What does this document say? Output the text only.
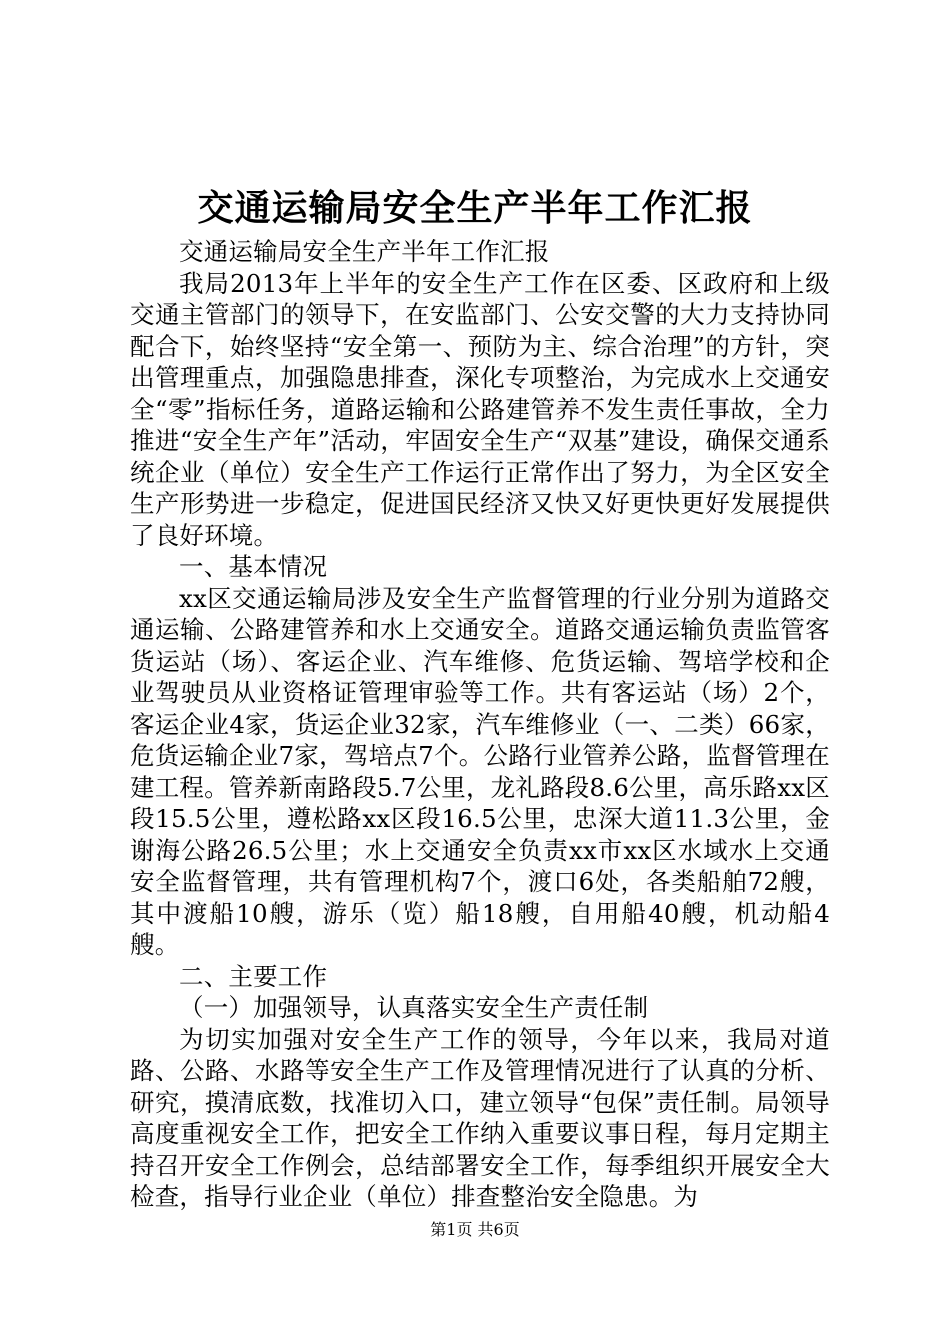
交通运输局安全生产半年工作汇报

交通运输局安全生产半年工作汇报

我局2013年上半年的安全生产工作在区委、区政府和上级交通主管部门的领导下，在安监部门、公安交警的大力支持协同配合下，始终坚持“安全第一、预防为主、综合治理”的方针，突出管理重点，加强隐患排查，深化专项整治，为完成水上交通安全“零”指标任务，道路运输和公路建管养不发生责任事故，全力推进“安全生产年”活动，牢固安全生产“双基”建设，确保交通系统企业（单位）安全生产工作运行正常作出了努力，为全区安全生产形势进一步稳定，促进国民经济又快又好更快更好发展提供了良好环境。

一、基本情况

xx区交通运输局涉及安全生产监督管理的行业分别为道路交通运输、公路建管养和水上交通安全。道路交通运输负责监管客货运站（场）、客运企业、汽车维修、危货运输、驾培学校和企业驾驶员从业资格证管理审验等工作。共有客运站（场）2个，客运企业4家，货运企业32家，汽车维修业（一、二类）66家，危货运输企业7家，驾培点7个。公路行业管养公路，监督管理在建工程。管养新南路段5.7公里，龙礼路段8.6公里，高乐路xx区段15.5公里，遵松路xx区段16.5公里，忠深大道11.3公里，金谢海公路26.5公里；水上交通安全负责xx市xx区水域水上交通安全监督管理，共有管理机构7个，渡口6处，各类船舶72艘，其中渡船10艘，游乐（览）船18艘，自用船40艘，机动船4艘。

二、主要工作

（一）加强领导，认真落实安全生产责任制

为切实加强对安全生产工作的领导，今年以来，我局对道路、公路、水路等安全生产工作及管理情况进行了认真的分析、研究，摸清底数，找准切入口，建立领导“包保”责任制。局领导高度重视安全工作，把安全工作纳入重要议事日程，每月定期主持召开安全工作例会，总结部署安全工作，每季组织开展安全大检查，指导行业企业（单位）排查整治安全隐患。为

第1页 共6页
